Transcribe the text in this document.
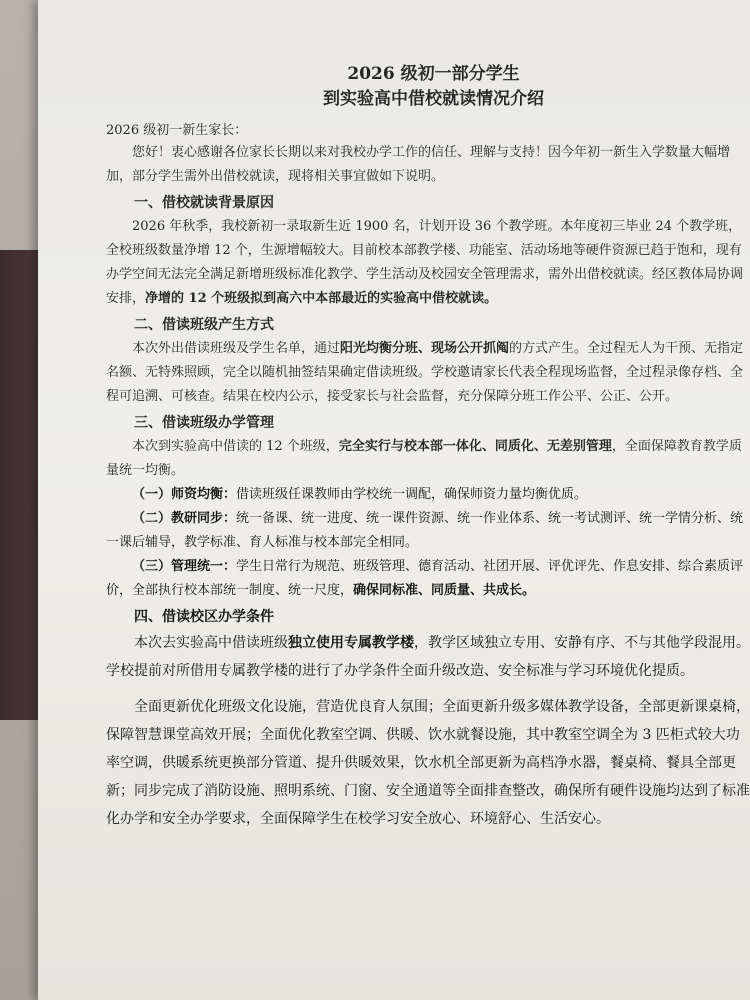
2026 级初一部分学生
到实验高中借校就读情况介绍
2026 级初一新生家长：
您好！衷心感谢各位家长长期以来对我校办学工作的信任、理解与支持！因今年初一新生入学数量大幅增加，部分学生需外出借校就读，现将相关事宜做如下说明。
一、借校就读背景原因
2026 年秋季，我校新初一录取新生近 1900 名，计划开设 36 个教学班。本年度初三毕业 24 个教学班，全校班级数量净增 12 个，生源增幅较大。目前校本部教学楼、功能室、活动场地等硬件资源已趋于饱和，现有办学空间无法完全满足新增班级标准化教学、学生活动及校园安全管理需求，需外出借校就读。经区教体局协调安排，净增的 12 个班级拟到高六中本部最近的实验高中借校就读。
二、借读班级产生方式
本次外出借读班级及学生名单，通过阳光均衡分班、现场公开抓阄的方式产生。全过程无人为干预、无指定名额、无特殊照顾，完全以随机抽签结果确定借读班级。学校邀请家长代表全程现场监督，全过程录像存档、全程可追溯、可核查。结果在校内公示，接受家长与社会监督，充分保障分班工作公平、公正、公开。
三、借读班级办学管理
本次到实验高中借读的 12 个班级，完全实行与校本部一体化、同质化、无差别管理，全面保障教育教学质量统一均衡。
（一）师资均衡：借读班级任课教师由学校统一调配，确保师资力量均衡优质。
（二）教研同步：统一备课、统一进度、统一课件资源、统一作业体系、统一考试测评、统一学情分析、统一课后辅导，教学标准、育人标准与校本部完全相同。
（三）管理统一：学生日常行为规范、班级管理、德育活动、社团开展、评优评先、作息安排、综合素质评价，全部执行校本部统一制度、统一尺度，确保同标准、同质量、共成长。
四、借读校区办学条件
本次去实验高中借读班级独立使用专属教学楼，教学区域独立专用、安静有序、不与其他学段混用。学校提前对所借用专属教学楼的进行了办学条件全面升级改造、安全标准与学习环境优化提质。
全面更新优化班级文化设施，营造优良育人氛围；全面更新升级多媒体教学设备，全部更新课桌椅，保障智慧课堂高效开展；全面优化教室空调、供暖、饮水就餐设施，其中教室空调全为 3 匹柜式较大功率空调，供暖系统更换部分管道、提升供暖效果，饮水机全部更新为高档净水器，餐桌椅、餐具全部更新；同步完成了消防设施、照明系统、门窗、安全通道等全面排查整改，确保所有硬件设施均达到了标准化办学和安全办学要求，全面保障学生在校学习安全放心、环境舒心、生活安心。
